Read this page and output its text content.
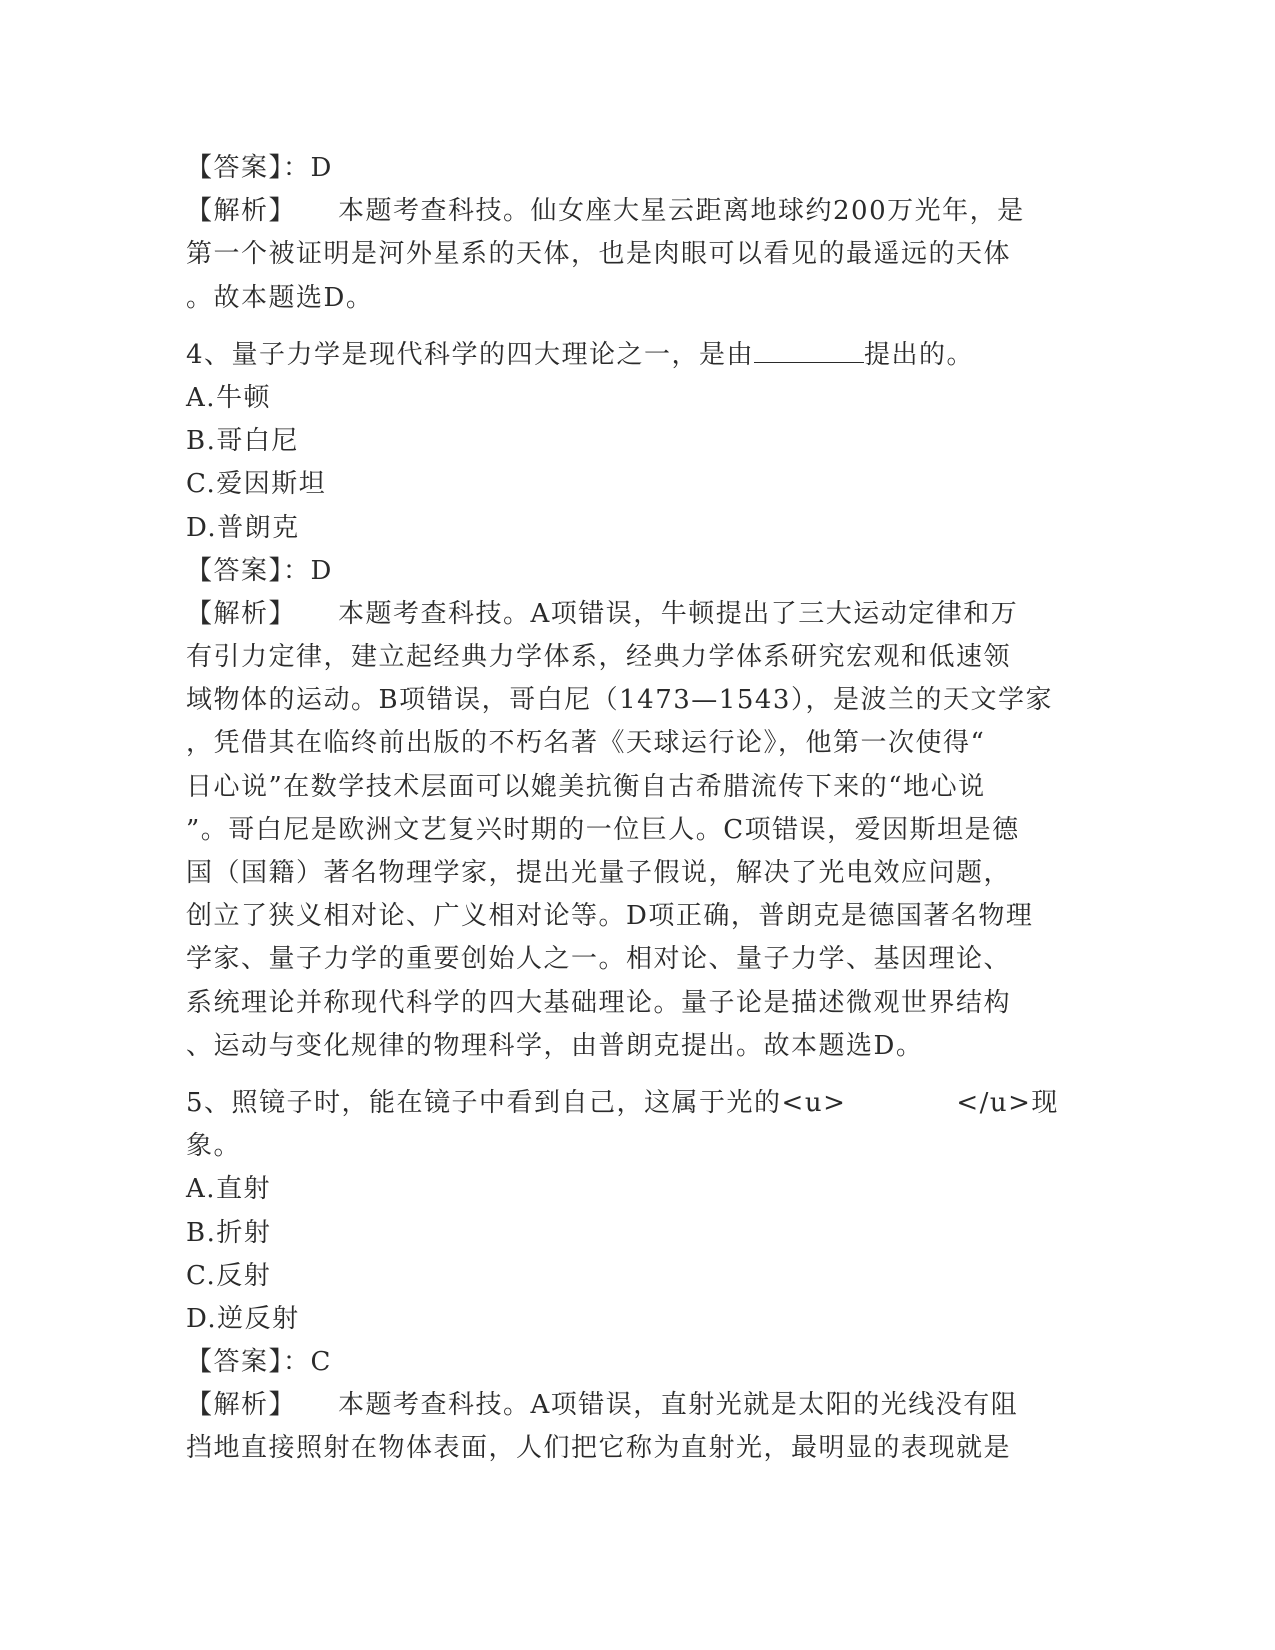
【答案】：D
【解析】 本题考查科技。仙女座大星云距离地球约200万光年，是
第一个被证明是河外星系的天体，也是肉眼可以看见的最遥远的天体
。故本题选D。
4、量子力学是现代科学的四大理论之一，是由	提出的。
A.牛顿
B.哥白尼
C.爱因斯坦
D.普朗克
【答案】：D
【解析】 本题考查科技。A项错误，牛顿提出了三大运动定律和万
有引力定律，建立起经典力学体系，经典力学体系研究宏观和低速领
域物体的运动。B项错误，哥白尼（1473—1543），是波兰的天文学家
，凭借其在临终前出版的不朽名著《天球运行论》，他第一次使得“
日心说”在数学技术层面可以媲美抗衡自古希腊流传下来的“地心说
”。哥白尼是欧洲文艺复兴时期的一位巨人。C项错误，爱因斯坦是德
国（国籍）著名物理学家，提出光量子假说，解决了光电效应问题，
创立了狭义相对论、广义相对论等。D项正确，普朗克是德国著名物理
学家、量子力学的重要创始人之一。相对论、量子力学、基因理论、
系统理论并称现代科学的四大基础理论。量子论是描述微观世界结构
、运动与变化规律的物理科学，由普朗克提出。故本题选D。
5、照镜子时，能在镜子中看到自己，这属于光的<u>	</u>现
象。
A.直射
B.折射
C.反射
D.逆反射
【答案】：C
【解析】 本题考查科技。A项错误，直射光就是太阳的光线没有阻
挡地直接照射在物体表面，人们把它称为直射光，最明显的表现就是
